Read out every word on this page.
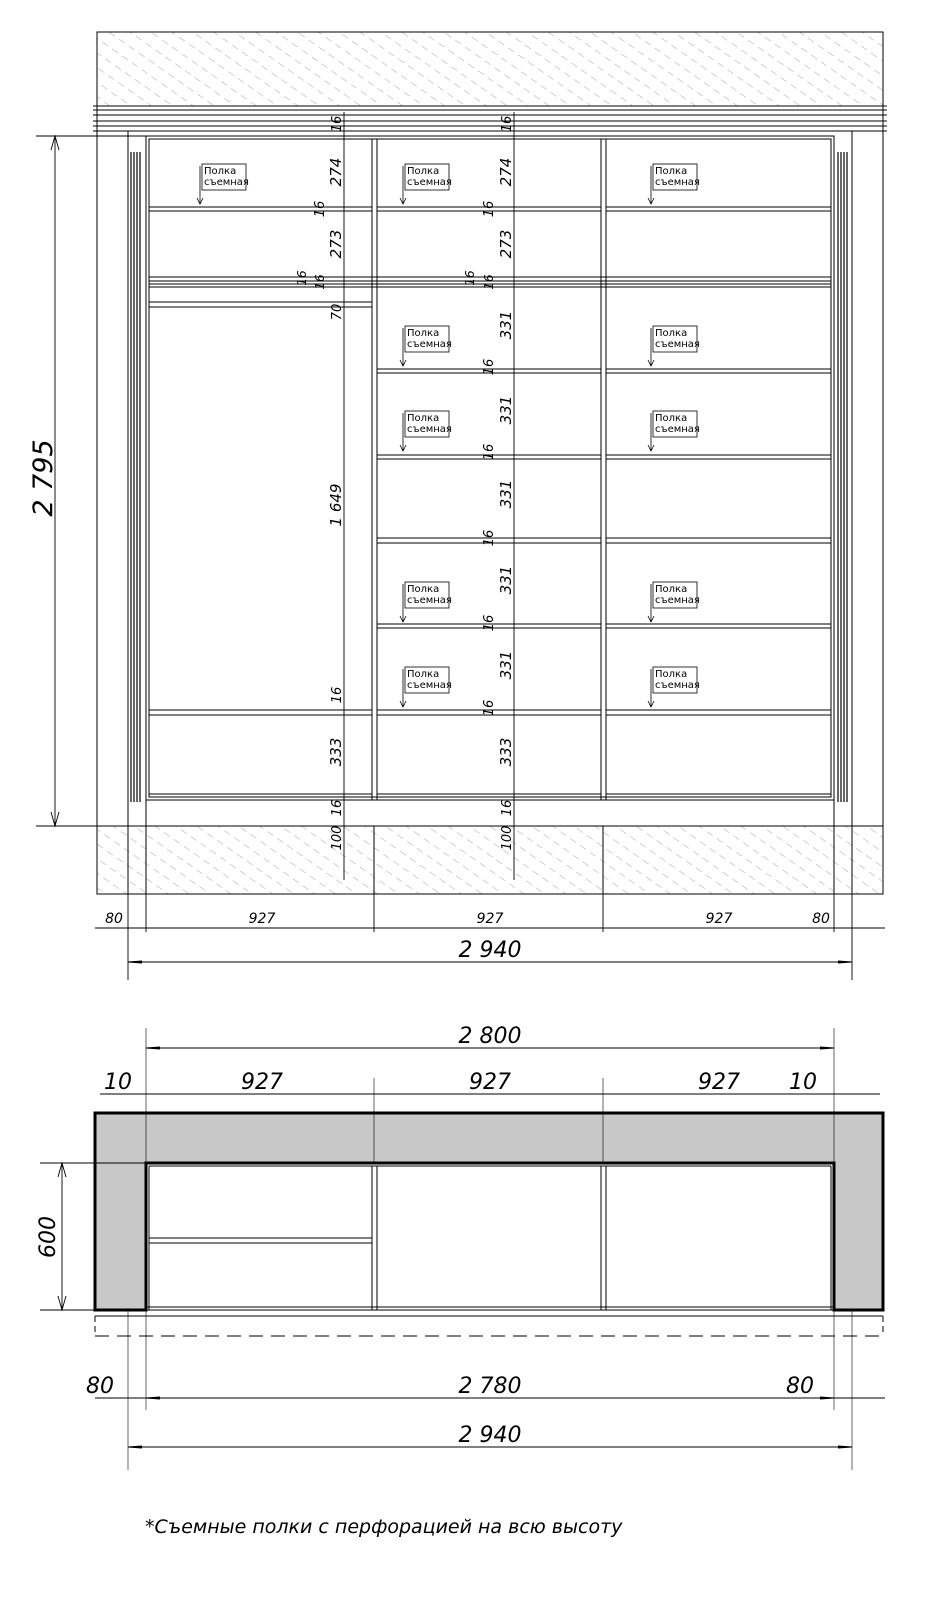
16
274
16
273
16 16
70
1 649
16
333
16
100
16
274
16
273
16 16
331
16
331
16
331
16
331
16
331
16
333
16
100
2 795
80	927	927	927	80
2 940
Полка
съемная
Полка
съемная
Полка
съемная
Полка
съемная
Полка
съемная
Полка
съемная
Полка
съемная
Полка
съемная
Полка
съемная
Полка
съемная
Полка
съемная
2 800
10	927	927	927 10
600
80	2 780	80
2 940
*Съемные полки с перфорацией на всю высоту
